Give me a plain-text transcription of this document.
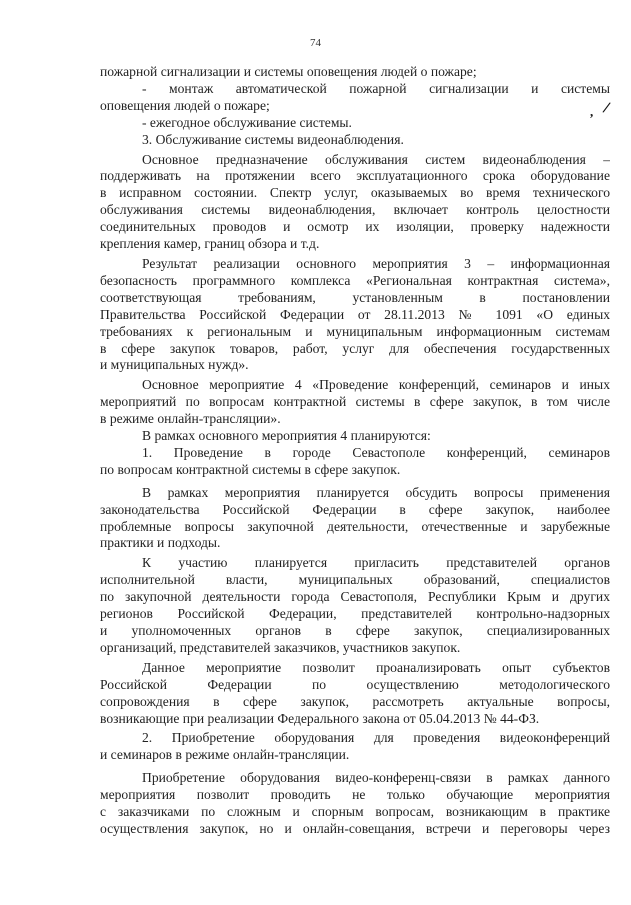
74
пожарной сигнализации и системы оповещения людей о пожаре;
- монтаж автоматической пожарной сигнализации и системы
оповещения людей о пожаре;
- ежегодное обслуживание системы.
3. Обслуживание системы видеонаблюдения.
Основное предназначение обслуживания систем видеонаблюдения –
поддерживать на протяжении всего эксплуатационного срока оборудование
в исправном состоянии. Спектр услуг, оказываемых во время технического
обслуживания системы видеонаблюдения, включает контроль целостности
соединительных проводов и осмотр их изоляции, проверку надежности
крепления камер, границ обзора и т.д.
Результат реализации основного мероприятия 3 – информационная
безопасность программного комплекса «Региональная контрактная система»,
соответствующая требованиям, установленным в постановлении
Правительства Российской Федерации от 28.11.2013 № 1091 «О единых
требованиях к региональным и муниципальным информационным системам
в сфере закупок товаров, работ, услуг для обеспечения государственных
и муниципальных нужд».
Основное мероприятие 4 «Проведение конференций, семинаров и иных
мероприятий по вопросам контрактной системы в сфере закупок, в том числе
в режиме онлайн-трансляции».
В рамках основного мероприятия 4 планируются:
1. Проведение в городе Севастополе конференций, семинаров
по вопросам контрактной системы в сфере закупок.
В рамках мероприятия планируется обсудить вопросы применения
законодательства Российской Федерации в сфере закупок, наиболее
проблемные вопросы закупочной деятельности, отечественные и зарубежные
практики и подходы.
К участию планируется пригласить представителей органов
исполнительной власти, муниципальных образований, специалистов
по закупочной деятельности города Севастополя, Республики Крым и других
регионов Российской Федерации, представителей контрольно-надзорных
и уполномоченных органов в сфере закупок, специализированных
организаций, представителей заказчиков, участников закупок.
Данное мероприятие позволит проанализировать опыт субъектов
Российской Федерации по осуществлению методологического
сопровождения в сфере закупок, рассмотреть актуальные вопросы,
возникающие при реализации Федерального закона от 05.04.2013 № 44-ФЗ.
2. Приобретение оборудования для проведения видеоконференций
и семинаров в режиме онлайн-трансляции.
Приобретение оборудования видео-конференц-связи в рамках данного
мероприятия позволит проводить не только обучающие мероприятия
с заказчиками по сложным и спорным вопросам, возникающим в практике
осуществления закупок, но и онлайн-совещания, встречи и переговоры через
, /
